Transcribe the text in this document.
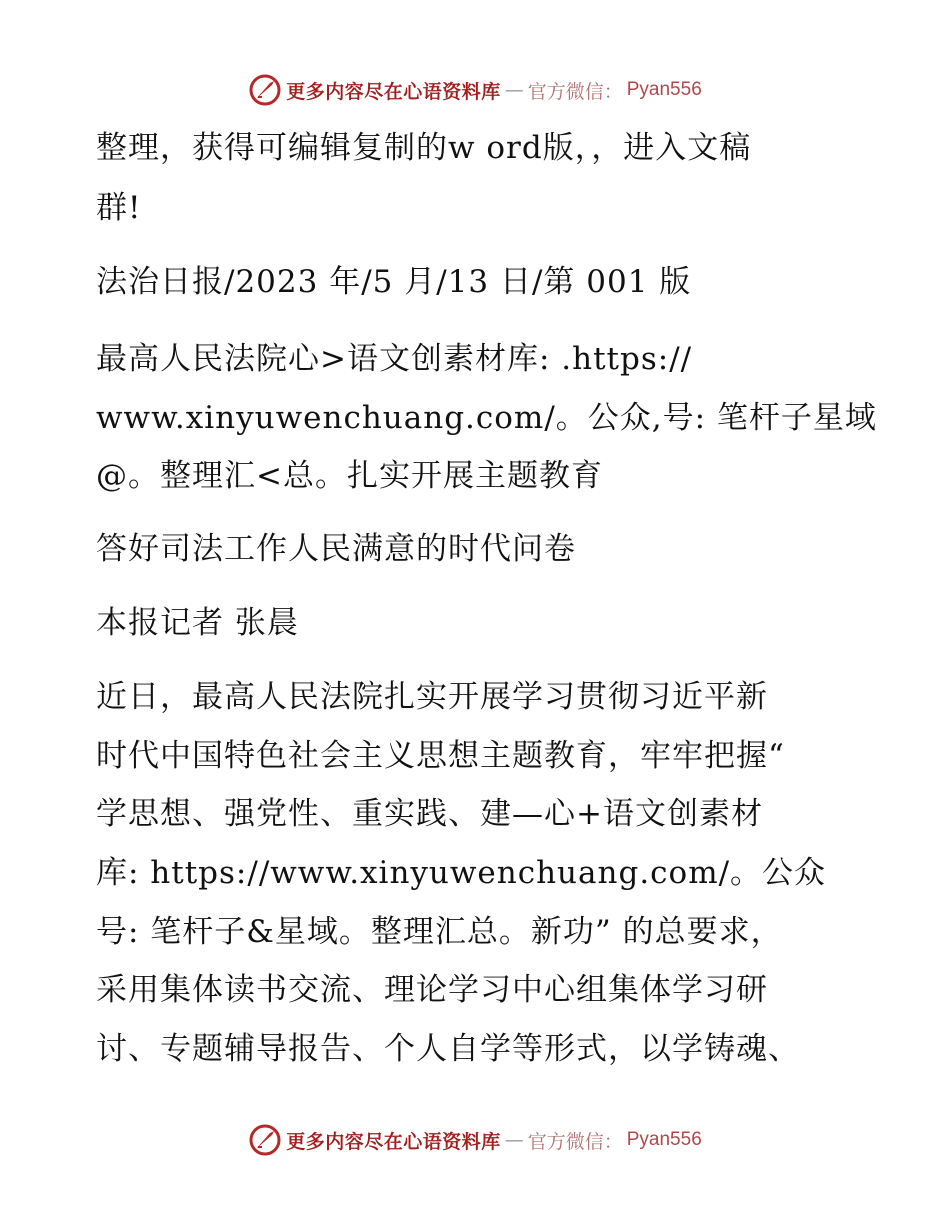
更多内容尽在心语资料库 — 官方微信： Pyan556
整理，获得可编辑复制的w ord版，，进入文稿
群!
法治日报/2023 年/5 月/13 日/第 001 版
最高人民法院心>语文创素材库: .https://
www.xinyuwenchuang.com/。公众,号: 笔杆子星域
@。整理汇<总。扎实开展主题教育
答好司法工作人民满意的时代问卷
本报记者 张晨
近日，最高人民法院扎实开展学习贯彻习近平新
时代中国特色社会主义思想主题教育，牢牢把握“
学思想、强党性、重实践、建—心+语文创素材
库: https://www.xinyuwenchuang.com/。公众
号: 笔杆子&星域。整理汇总。新功” 的总要求，
采用集体读书交流、理论学习中心组集体学习研
讨、专题辅导报告、个人自学等形式，以学铸魂、
更多内容尽在心语资料库 — 官方微信： Pyan556
